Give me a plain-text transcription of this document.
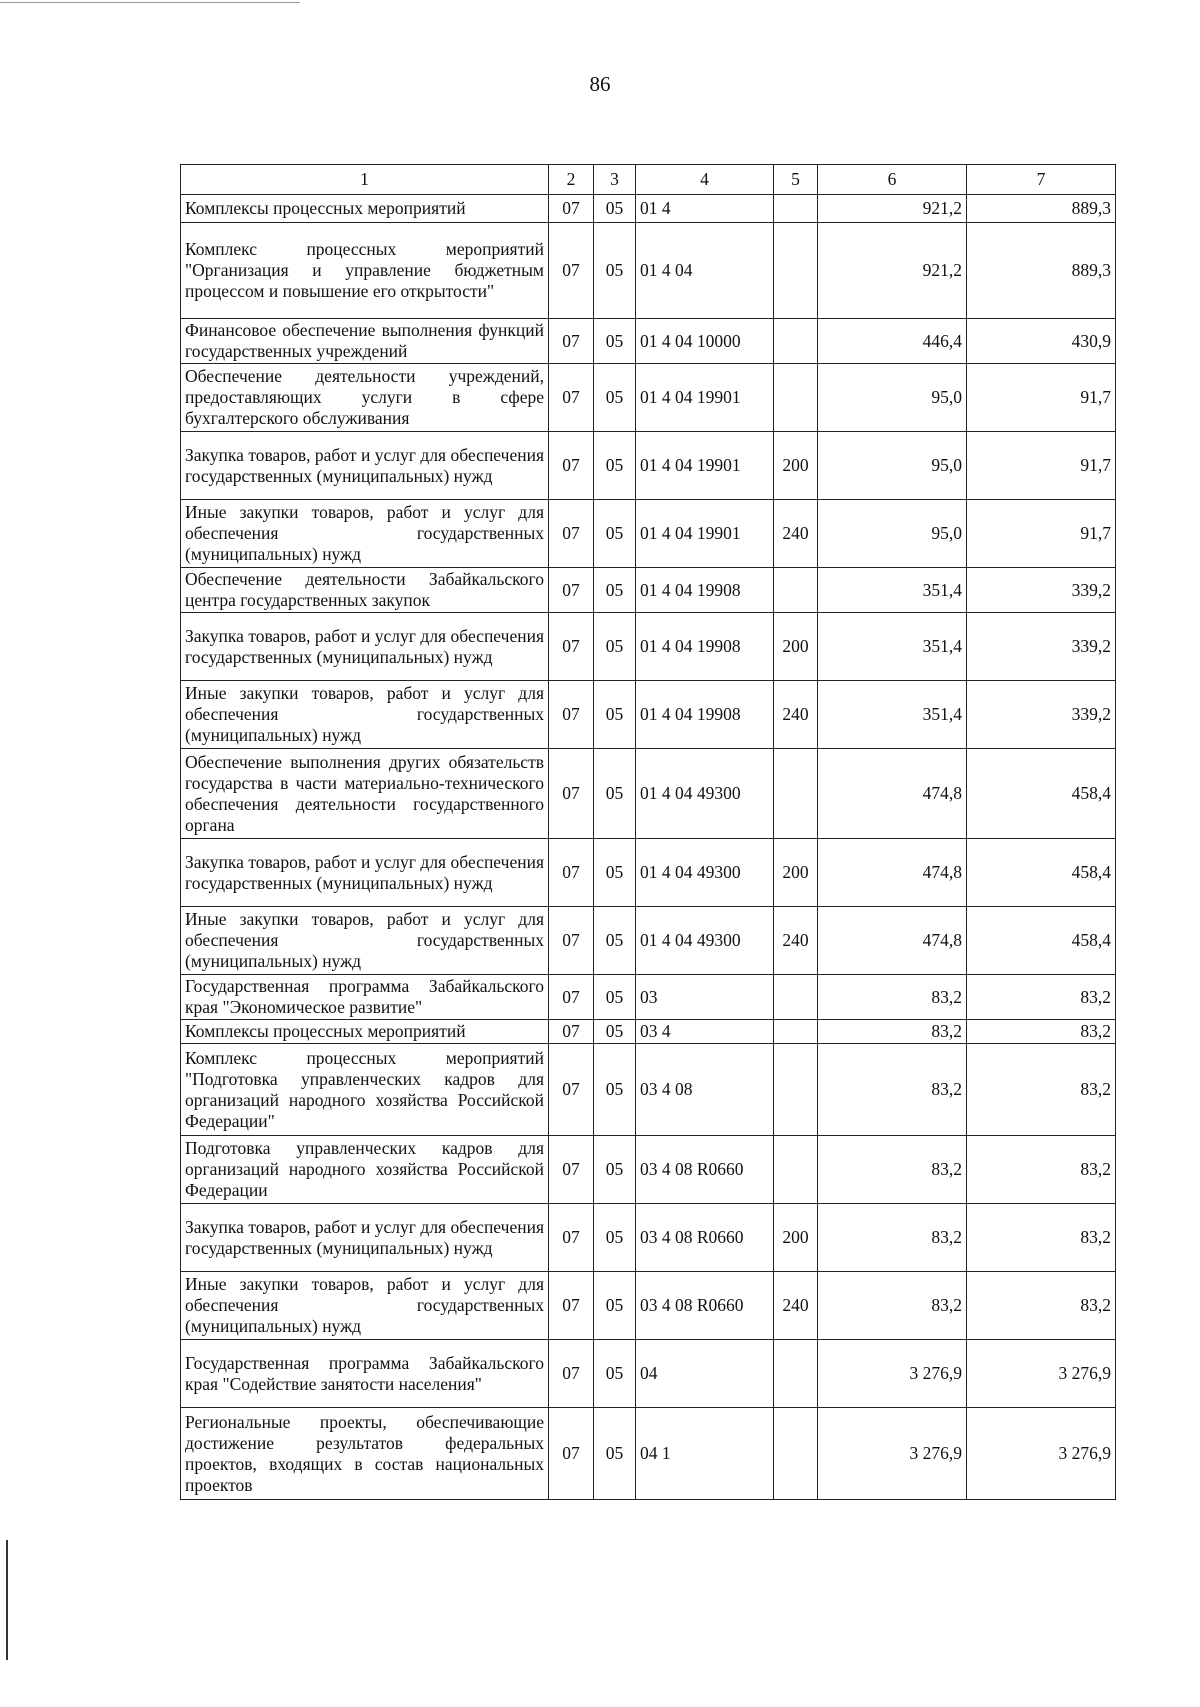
86
1	2	3	4	5	6	7
Комплексы процессных мероприятий	07	05	01 4		921,2	889,3
Комплекс процессных мероприятий "Организация и управление бюджетным процессом и повышение его открытости"	07	05	01 4 04		921,2	889,3
Финансовое обеспечение выполнения функций государственных учреждений	07	05	01 4 04 10000		446,4	430,9
Обеспечение деятельности учреждений, предоставляющих услуги в сфере бухгалтерского обслуживания	07	05	01 4 04 19901		95,0	91,7
Закупка товаров, работ и услуг для обеспечения государственных (муниципальных) нужд	07	05	01 4 04 19901	200	95,0	91,7
Иные закупки товаров, работ и услуг для обеспечения государственных (муниципальных) нужд	07	05	01 4 04 19901	240	95,0	91,7
Обеспечение деятельности Забайкальского центра государственных закупок	07	05	01 4 04 19908		351,4	339,2
Закупка товаров, работ и услуг для обеспечения государственных (муниципальных) нужд	07	05	01 4 04 19908	200	351,4	339,2
Иные закупки товаров, работ и услуг для обеспечения государственных (муниципальных) нужд	07	05	01 4 04 19908	240	351,4	339,2
Обеспечение выполнения других обязательств государства в части материально-технического обеспечения деятельности государственного органа	07	05	01 4 04 49300		474,8	458,4
Закупка товаров, работ и услуг для обеспечения государственных (муниципальных) нужд	07	05	01 4 04 49300	200	474,8	458,4
Иные закупки товаров, работ и услуг для обеспечения государственных (муниципальных) нужд	07	05	01 4 04 49300	240	474,8	458,4
Государственная программа Забайкальского края "Экономическое развитие"	07	05	03		83,2	83,2
Комплексы процессных мероприятий	07	05	03 4		83,2	83,2
Комплекс процессных мероприятий "Подготовка управленческих кадров для организаций народного хозяйства Российской Федерации"	07	05	03 4 08		83,2	83,2
Подготовка управленческих кадров для организаций народного хозяйства Российской Федерации	07	05	03 4 08 R0660		83,2	83,2
Закупка товаров, работ и услуг для обеспечения государственных (муниципальных) нужд	07	05	03 4 08 R0660	200	83,2	83,2
Иные закупки товаров, работ и услуг для обеспечения государственных (муниципальных) нужд	07	05	03 4 08 R0660	240	83,2	83,2
Государственная программа Забайкальского края "Содействие занятости населения"	07	05	04		3 276,9	3 276,9
Региональные проекты, обеспечивающие достижение результатов федеральных проектов, входящих в состав национальных проектов	07	05	04 1		3 276,9	3 276,9
